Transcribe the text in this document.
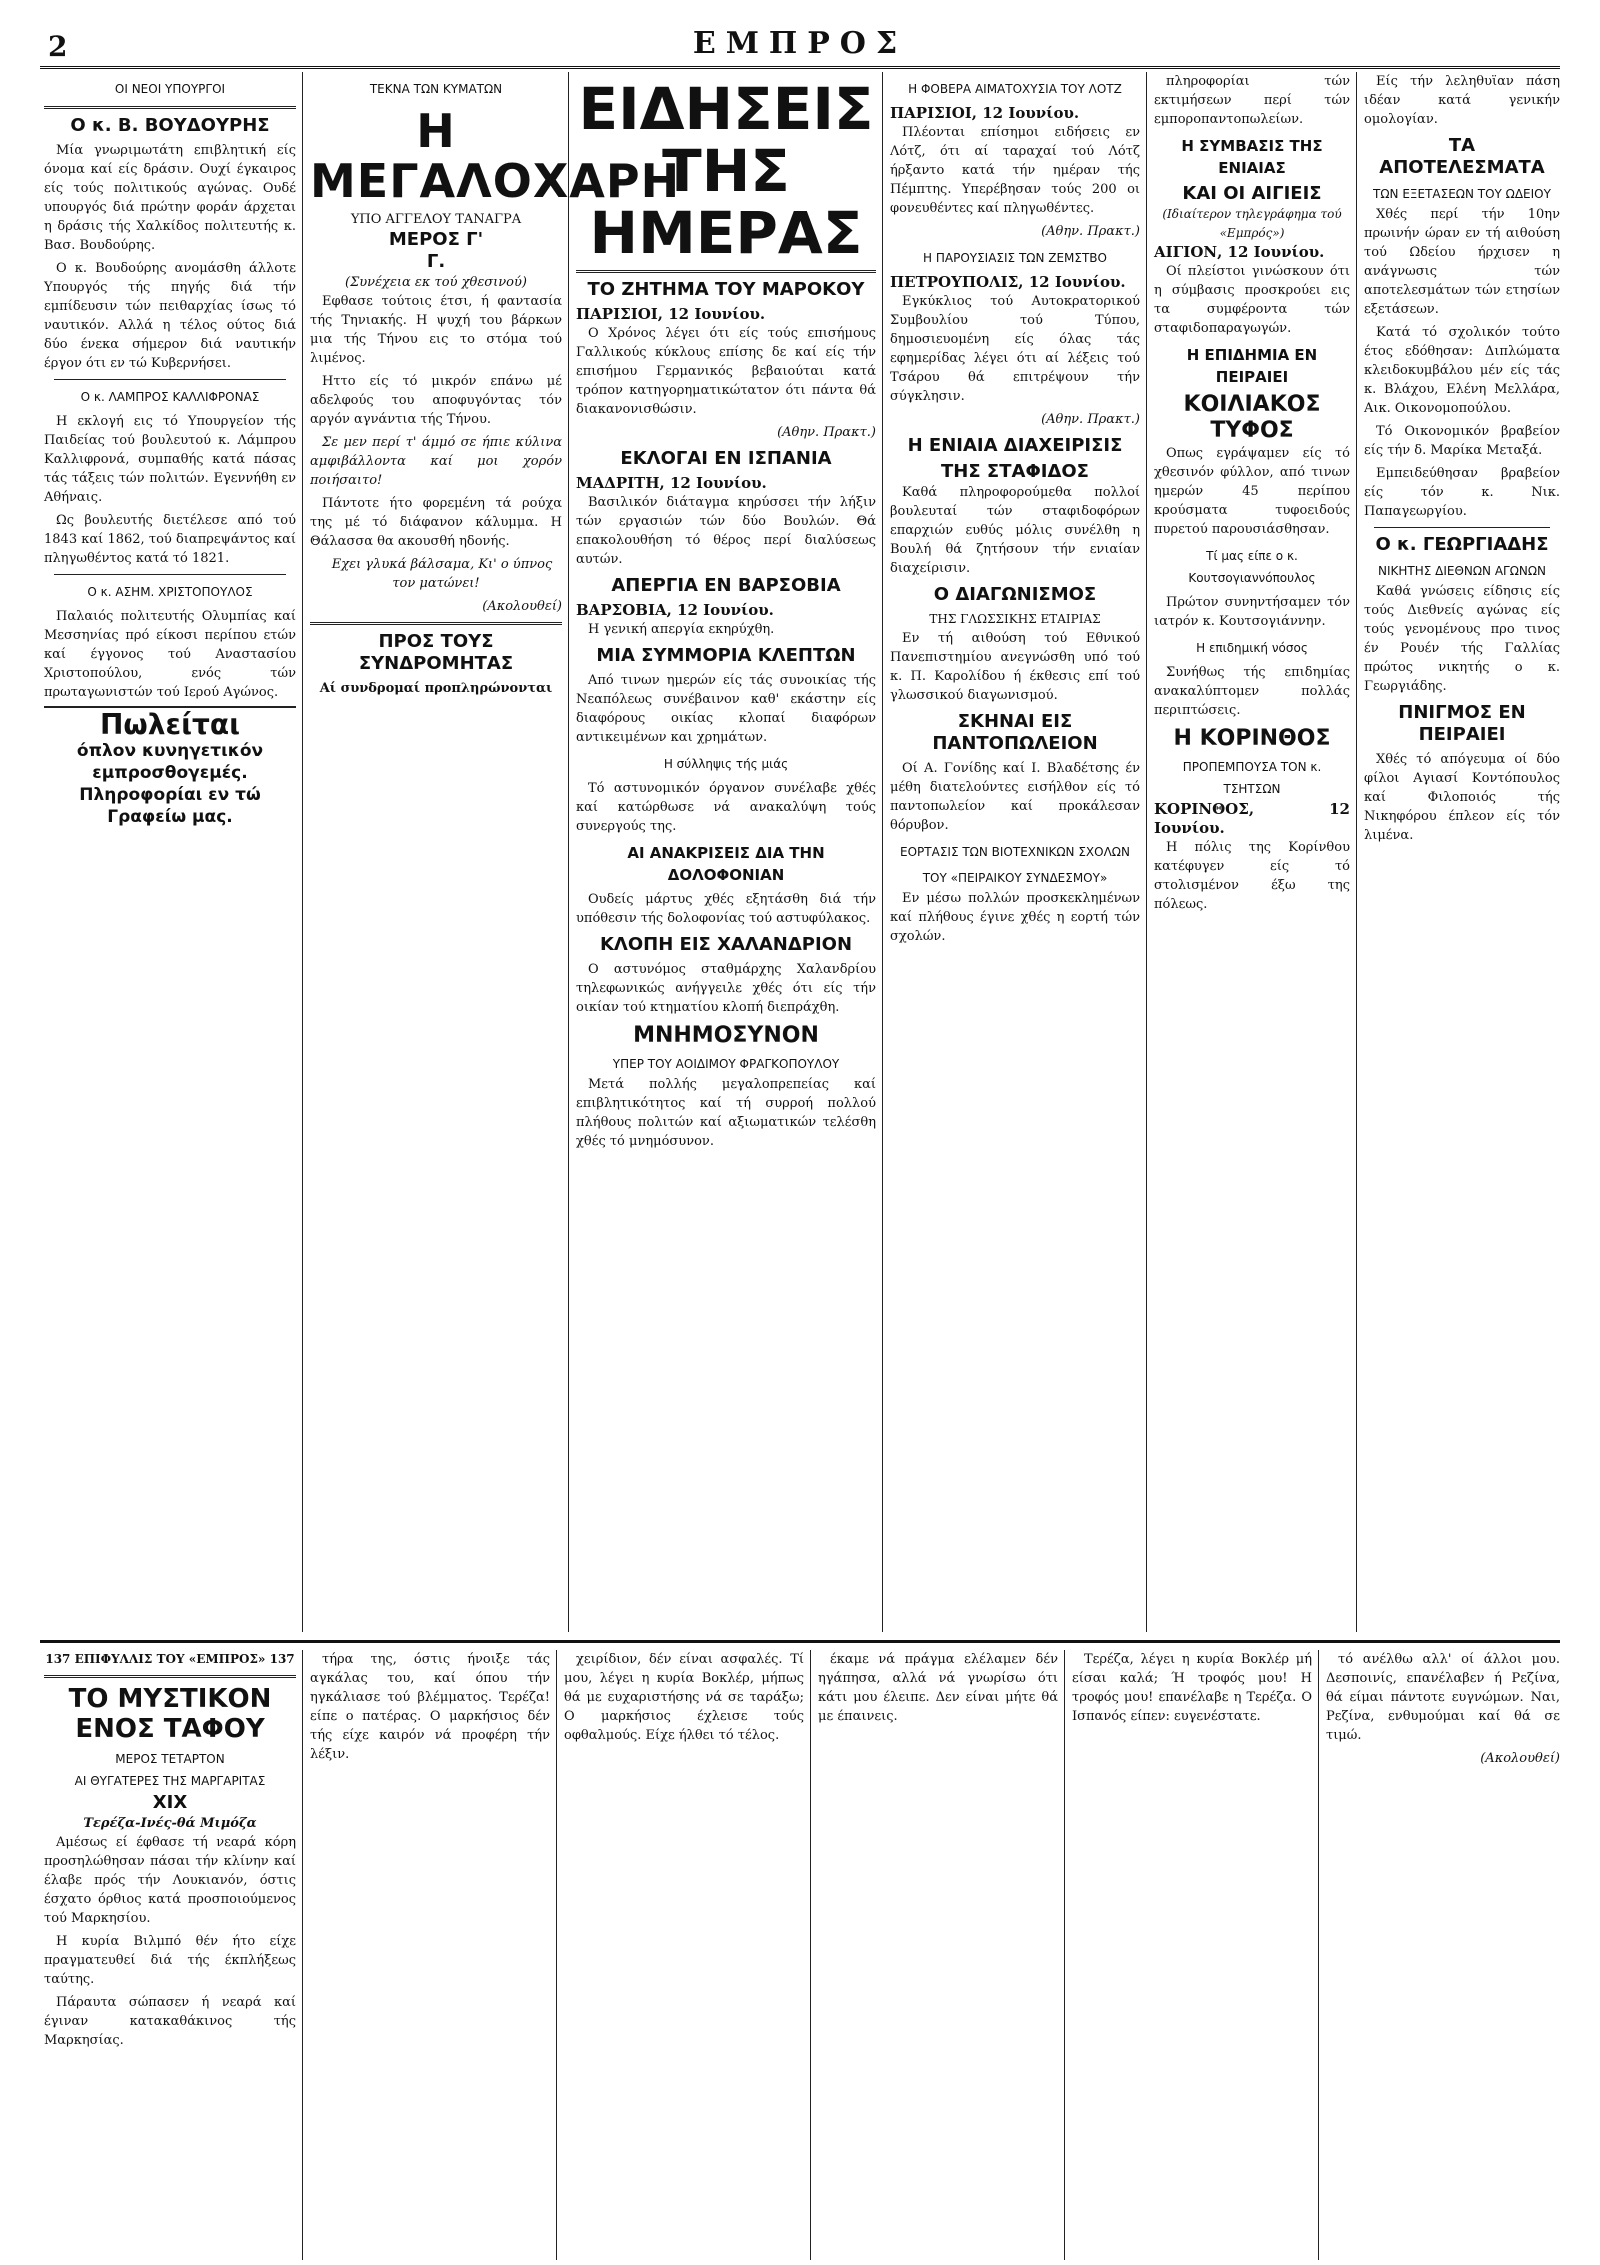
2	ΕΜΠΡΟΣ
ΟΙ ΝΕΟΙ ΥΠΟΥΡΓΟΙ
Ο κ. Β. ΒΟΥΔΟΥΡΗΣ

Μία γνωριμωτάτη επιβλητική είς όνομα καί είς δράσιν. Ουχί έγκαιρος είς τούς πολιτικούς αγώνας. Ουδέ υπουργός διά πρώτην φοράν άρχεται η δράσις τής Χαλκίδος πολιτευτής κ. Βασ. Βουδούρης.

Ο κ. Βουδούρης ανομάσθη άλλοτε Υπουργός τής πηγής διά τήν εμπίδευσιν τών πειθαρχίας ίσως τό ναυτικόν. Αλλά η τέλος ούτος διά δύο ένεκα σήμερον διά ναυτικήν έργον ότι εν τώ Κυβερνήσει.

Ο κ. ΛΑΜΠΡΟΣ ΚΑΛΛΙΦΡΟΝΑΣ

Η εκλογή εις τό Υπουργείον τής Παιδείας τού βουλευτού κ. Λάμπρου Καλλιφρονά, συμπαθής κατά πάσας τάς τάξεις τών πολιτών. Εγεννήθη εν Αθήναις.

Ως βουλευτής διετέλεσε από τού 1843 καί 1862, τού διαπρεψάντος καί πληγωθέντος κατά τό 1821.

Ο κ. ΑΣΗΜ. ΧΡΙΣΤΟΠΟΥΛΟΣ

Παλαιός πολιτευτής Ολυμπίας καί Μεσσηνίας πρό είκοσι περίπου ετών καί έγγονος τού Αναστασίου Χριστοπούλου, ενός τών πρωταγωνιστών τού Ιερού Αγώνος.

Πωλείται
όπλον κυνηγετικόν εμπροσθογεμές. Πληροφορίαι εν τώ Γραφείω μας.
ΤΕΚΝΑ ΤΩΝ ΚΥΜΑΤΩΝ
Η ΜΕΓΑΛΟΧΑΡΗ
ΥΠΟ ΑΓΓΕΛΟΥ ΤΑΝΑΓΡΑ
ΜΕΡΟΣ Γ'
Γ.
(Συνέχεια εκ τού χθεσινού)

Εφθασε τούτοις έτσι, ή φαντασία τής Τηνιακής. Η ψυχή του βάρκων μια τής Τήνου εις το στόμα τού λιμένος.

Ηττο είς τό μικρόν επάνω μέ αδελφούς του αποφυγόντας τόν αργόν αγνάντια τής Τήνου.

Σε μεν περί τ' άμμό σε ήπιε κύλινα αμφιβάλλοντα καί μοι χορόν ποιήσαιτο!

Πάντοτε ήτο φορεμένη τά ρούχα της μέ τό διάφανον κάλυμμα. Η Θάλασσα θα ακουσθή ηδονής.

Εχει γλυκά βάλσαμα, Κι' ο ύπνος τον ματώνει!

(Ακολουθεί)
ΠΡΟΣ ΤΟΥΣ ΣΥΝΔΡΟΜΗΤΑΣ
Αί συνδρομαί προπληρώνονται
ΕΙΔΗΣΕΙΣ ΤΗΣ ΗΜΕΡΑΣ
ΤΟ ΖΗΤΗΜΑ ΤΟΥ ΜΑΡΟΚΟΥ
ΠΑΡΙΣΙΟΙ, 12 Ιουνίου.

Ο Χρόνος λέγει ότι είς τούς επισήμους Γαλλικούς κύκλους επίσης δε καί είς τήν επισήμου Γερμανικός βεβαιούται κατά τρόπον κατηγορηματικώτατον ότι πάντα θά διακανονισθώσιν.

(Αθην. Πρακτ.)
ΕΚΛΟΓΑΙ ΕΝ ΙΣΠΑΝΙΑ
ΜΑΔΡΙΤΗ, 12 Ιουνίου.

Βασιλικόν διάταγμα κηρύσσει τήν λήξιν τών εργασιών τών δύο Βουλών. Θά επακολουθήση τό θέρος περί διαλύσεως αυτών.

ΑΠΕΡΓΙΑ ΕΝ ΒΑΡΣΟΒΙΑ
ΒΑΡΣΟΒΙΑ, 12 Ιουνίου.

Η γενική απεργία εκηρύχθη.

ΜΙΑ ΣΥΜΜΟΡΙΑ ΚΛΕΠΤΩΝ

Από τινων ημερών είς τάς συνοικίας τής Νεαπόλεως συνέβαινον καθ' εκάστην είς διαφόρους οικίας κλοπαί διαφόρων αντικειμένων και χρημάτων.

Η σύλληψις τής μιάς

Τό αστυνομικόν όργανον συνέλαβε χθές καί κατώρθωσε νά ανακαλύψη τούς συνεργούς της.

ΑΙ ΑΝΑΚΡΙΣΕΙΣ ΔΙΑ ΤΗΝ ΔΟΛΟΦΟΝΙΑΝ

Ουδείς μάρτυς χθές εξητάσθη διά τήν υπόθεσιν τής δολοφονίας τού αστυφύλακος.

ΚΛΟΠΗ ΕΙΣ ΧΑΛΑΝΔΡΙΟΝ

Ο αστυνόμος σταθμάρχης Χαλανδρίου τηλεφωνικώς ανήγγειλε χθές ότι είς τήν οικίαν τού κτηματίου κλοπή διεπράχθη.

ΜΝΗΜΟΣΥΝΟΝ
ΥΠΕΡ ΤΟΥ ΑΟΙΔΙΜΟΥ ΦΡΑΓΚΟΠΟΥΛΟΥ

Μετά πολλής μεγαλοπρεπείας καί επιβλητικότητος καί τή συρροή πολλού πλήθους πολιτών καί αξιωματικών τελέσθη χθές τό μνημόσυνον.

Η ΦΟΒΕΡΑ ΑΙΜΑΤΟΧΥΣΙΑ ΤΟΥ ΛΟΤΖ
ΠΑΡΙΣΙΟΙ, 12 Ιουνίου.

Πλέονται επίσημοι ειδήσεις εν Λότζ, ότι αί ταραχαί τού Λότζ ήρξαντο κατά τήν ημέραν τής Πέμπτης. Υπερέβησαν τούς 200 οι φονευθέντες καί πληγωθέντες.

(Αθην. Πρακτ.)
Η ΠΑΡΟΥΣΙΑΣΙΣ ΤΩΝ ΖΕΜΣΤΒΟ
ΠΕΤΡΟΥΠΟΛΙΣ, 12 Ιουνίου.

Εγκύκλιος τού Αυτοκρατορικού Συμβουλίου τού Τύπου, δημοσιευομένη είς όλας τάς εφημερίδας λέγει ότι αί λέξεις τού Τσάρου θά επιτρέψουν τήν σύγκλησιν.

(Αθην. Πρακτ.)
Η ΕΝΙΑΙΑ ΔΙΑΧΕΙΡΙΣΙΣ
ΤΗΣ ΣΤΑΦΙΔΟΣ

Καθά πληροφορούμεθα πολλοί βουλευταί τών σταφιδοφόρων επαρχιών ευθύς μόλις συνέλθη η Βουλή θά ζητήσουν τήν ενιαίαν διαχείρισιν.

Ο ΔΙΑΓΩΝΙΣΜΟΣ
ΤΗΣ ΓΛΩΣΣΙΚΗΣ ΕΤΑΙΡΙΑΣ

Εν τή αιθούση τού Εθνικού Πανεπιστημίου ανεγνώσθη υπό τού κ. Π. Καρολίδου ή έκθεσις επί τού γλωσσικού διαγωνισμού.

ΣΚΗΝΑΙ ΕΙΣ ΠΑΝΤΟΠΩΛΕΙΟΝ

Οί Α. Γονίδης καί Ι. Βλαδέτσης έν μέθη διατελούντες εισήλθον είς τό παντοπωλείον καί προκάλεσαν θόρυβον.

ΕΟΡΤΑΣΙΣ ΤΩΝ ΒΙΟΤΕΧΝΙΚΩΝ ΣΧΟΛΩΝ
ΤΟΥ «ΠΕΙΡΑΙΚΟΥ ΣΥΝΔΕΣΜΟΥ»

Εν μέσω πολλών προσκεκλημένων καί πλήθους έγινε χθές η εορτή τών σχολών.

πληροφορίαι τών εκτιμήσεων περί τών εμποροπαντοπωλείων.

Η ΣΥΜΒΑΣΙΣ ΤΗΣ ΕΝΙΑΙΑΣ
ΚΑΙ ΟΙ ΑΙΓΙΕΙΣ
(Ιδιαίτερον τηλεγράφημα τού «Εμπρός»)
ΑΙΓΙΟΝ, 12 Ιουνίου.

Οί πλείστοι γινώσκουν ότι η σύμβασις προσκρούει εις τα συμφέροντα τών σταφιδοπαραγωγών.

Η ΕΠΙΔΗΜΙΑ ΕΝ ΠΕΙΡΑΙΕΙ
ΚΟΙΛΙΑΚΟΣ ΤΥΦΟΣ

Οπως εγράψαμεν είς τό χθεσινόν φύλλον, από τινων ημερών 45 περίπου κρούσματα τυφοειδούς πυρετού παρουσιάσθησαν.

Τί μας είπε ο κ. Κουτσογιαννόπουλος

Πρώτον συνηντήσαμεν τόν ιατρόν κ. Κουτσογιάννην.

Η επιδημική νόσος

Συνήθως τής επιδημίας ανακαλύπτομεν πολλάς περιπτώσεις.

Η ΚΟΡΙΝΘΟΣ
ΠΡΟΠΕΜΠΟΥΣΑ ΤΟΝ κ. ΤΣΗΤΣΩΝ
ΚΟΡΙΝΘΟΣ, 12 Ιουνίου.

Η πόλις της Κορίνθου κατέφυγεν είς τό στολισμένον έξω της πόλεως.

Είς τήν λεληθυϊαν πάση ιδέαν κατά γενικήν ομολογίαν.

ΤΑ ΑΠΟΤΕΛΕΣΜΑΤΑ
ΤΩΝ ΕΞΕΤΑΣΕΩΝ ΤΟΥ ΩΔΕΙΟΥ

Χθές περί τήν 10ην πρωινήν ώραν εν τή αιθούση τού Ωδείου ήρχισεν η ανάγνωσις τών αποτελεσμάτων τών ετησίων εξετάσεων.

Κατά τό σχολικόν τούτο έτος εδόθησαν: Διπλώματα κλειδοκυμβάλου μέν είς τάς κ. Βλάχου, Ελένη Μελλάρα, Αικ. Οικονομοπούλου.

Τό Οικονομικόν βραβείον είς τήν δ. Μαρίκα Μεταξά.

Εμπειδεύθησαν βραβείον είς τόν κ. Νικ. Παπαγεωργίου.

Ο κ. ΓΕΩΡΓΙΑΔΗΣ
ΝΙΚΗΤΗΣ ΔΙΕΘΝΩΝ ΑΓΩΝΩΝ

Καθά γνώσεις είδησις είς τούς Διεθνείς αγώνας είς τούς γενομένους προ τινος έν Ρουέν τής Γαλλίας πρώτος νικητής ο κ. Γεωργιάδης.

ΠΝΙΓΜΟΣ ΕΝ ΠΕΙΡΑΙΕΙ

Χθές τό απόγευμα οί δύο φίλοι Αγιασί Κοντόπουλος καί Φιλοποιός τής Νικηφόρου έπλεον είς τόν λιμένα.

137 ΕΠΙΦΥΛΛΙΣ ΤΟΥ «ΕΜΠΡΟΣ» 137
ΤΟ ΜΥΣΤΙΚΟΝ ΕΝΟΣ ΤΑΦΟΥ
ΜΕΡΟΣ ΤΕΤΑΡΤΟΝ
ΑΙ ΘΥΓΑΤΕΡΕΣ ΤΗΣ ΜΑΡΓΑΡΙΤΑΣ
XIX
Τερέζα-Ινές-θά Μιμόζα

Αμέσως εί έφθασε τή νεαρά κόρη προσηλώθησαν πάσαι τήν κλίνην καί έλαβε πρός τήν Λουκιανόν, όστις έσχατο όρθιος κατά προσποιούμενος τού Μαρκησίου.

Η κυρία Βιλμπό θέν ήτο είχε πραγματευθεί διά τής έκπλήξεως ταύτης.

Πάραυτα σώπασεν ή νεαρά καί έγιναν κατακαθάκινος τής Μαρκησίας.

τήρα της, όστις ήνοιξε τάς αγκάλας του, καί όπου τήν ηγκάλιασε τού βλέμματος. Τερέζα! είπε ο πατέρας. Ο μαρκήσιος δέν τής είχε καιρόν νά προφέρη τήν λέξιν.

χειρίδιον, δέν είναι ασφαλές. Τί μου, λέγει η κυρία Βοκλέρ, μήπως θά με ευχαριστήσης νά σε ταράξω; Ο μαρκήσιος έχλεισε τούς οφθαλμούς. Είχε ήλθει τό τέλος.

έκαμε νά πράγμα ελέλαμεν δέν ηγάπησα, αλλά νά γνωρίσω ότι κάτι μου έλειπε. Δεν είναι μήτε θά με έπαινεις.

Τερέζα, λέγει η κυρία Βοκλέρ μή είσαι καλά; Ή τροφός μου! Η τροφός μου! επανέλαβε η Τερέζα. Ο Ισπανός είπεν: ευγενέστατε.

τό ανέλθω αλλ' οί άλλοι μου. Δεσποινίς, επανέλαβεν ή Ρεζίνα, θά είμαι πάντοτε ευγνώμων. Ναι, Ρεζίνα, ενθυμούμαι καί θά σε τιμώ.

(Ακολουθεί)
